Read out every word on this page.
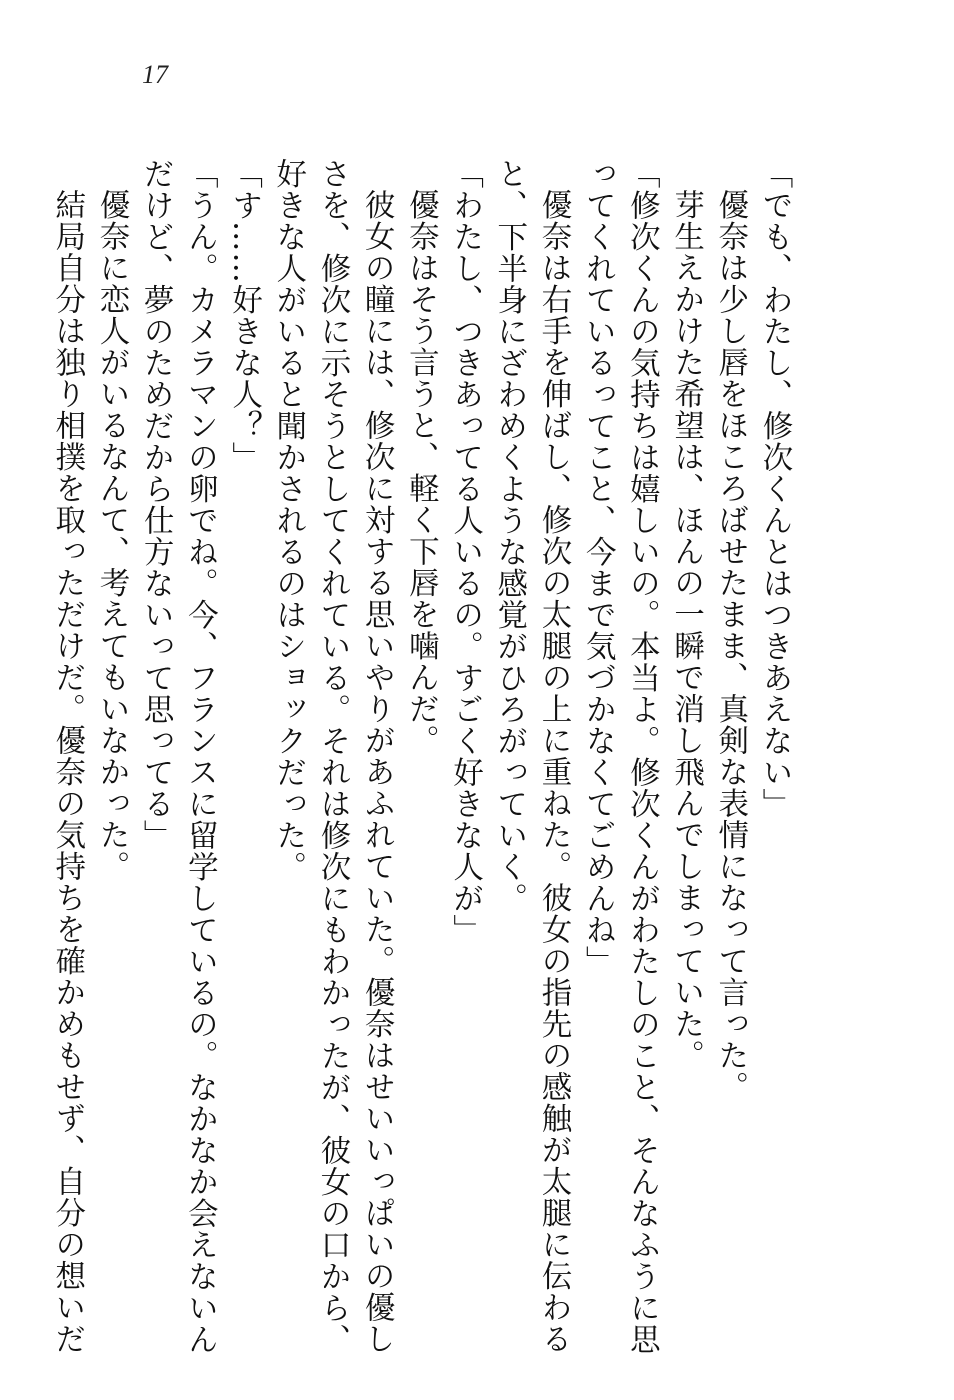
17

「でも、わたし、修次くんとはつきあえない」

優奈は少し唇をほころばせたまま、真剣な表情になって言った。

芽生えかけた希望は、ほんの一瞬で消し飛んでしまっていた。

「修次くんの気持ちは嬉しいの。本当よ。修次くんがわたしのこと、そんなふうに思

ってくれているってこと、今まで気づかなくてごめんね」

優奈は右手を伸ばし、修次の太腿の上に重ねた。彼女の指先の感触が太腿に伝わる

と、下半身にざわめくような感覚がひろがっていく。

「わたし、つきあってる人いるの。すごく好きな人が」

優奈はそう言うと、軽く下唇を噛んだ。

彼女の瞳には、修次に対する思いやりがあふれていた。優奈はせいいっぱいの優し

さを、修次に示そうとしてくれている。それは修次にもわかったが、彼女の口から、

好きな人がいると聞かされるのはショックだった。

「す……好きな人？」

「うん。カメラマンの卵でね。今、フランスに留学しているの。なかなか会えないん

だけど、夢のためだから仕方ないって思ってる」

優奈に恋人がいるなんて、考えてもいなかった。

結局自分は独り相撲を取っただけだ。優奈の気持ちを確かめもせず、自分の想いだ
